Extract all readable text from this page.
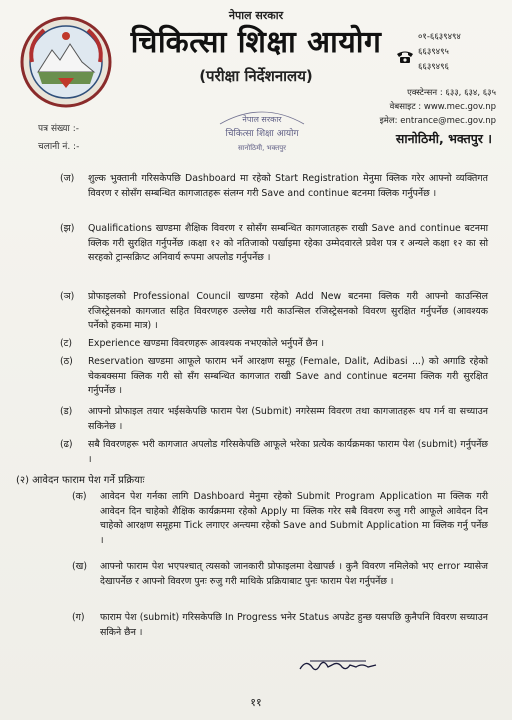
नेपाल सरकार
चिकित्सा शिक्षा आयोग
(परीक्षा निर्देशनालय)
०१-६६३९४९४
६६३९४९५
६६३९४९६
एक्स्टेन्सन : ६३३, ६३४, ६३५
वेबसाइट : www.mec.gov.np
इमेल: entrance@mec.gov.np
पत्र संख्या :-
चलानी नं. :-
नेपाल सरकार
चिकित्सा शिक्षा आयोग
सानोठिमी, भक्तपुर
सानोठिमी, भक्तपुर ।
(ज)	शुल्क भुक्तानी गरिसकेपछि Dashboard मा रहेको Start Registration मेनुमा क्लिक गरेर आफ्नो व्यक्तिगत विवरण र सोसँग सम्बन्धित कागजातहरू संलग्न गरी Save and continue बटनमा क्लिक गर्नुपर्नेछ ।
(झ)	Qualifications खण्डमा शैक्षिक विवरण र सोसँग सम्बन्धित कागजातहरू राखी Save and continue बटनमा क्लिक गरी सुरक्षित गर्नुपर्नेछ ।कक्षा १२ को नतिजाको पर्खाइमा रहेका उम्मेदवारले प्रवेश पत्र र अन्यले कक्षा १२ का सो सरहको ट्रान्सक्रिप्ट अनिवार्य रूपमा अपलोड गर्नुपर्नेछ ।
(ञ)	प्रोफाइलको Professional Council खण्डमा रहेको Add New बटनमा क्लिक गरी आफ्नो काउन्सिल रजिस्ट्रेसनको कागजात सहित विवरणहरु उल्लेख गरी काउन्सिल रजिस्ट्रेसनको विवरण सुरक्षित गर्नुपर्नेछ (आवश्यक पर्नेको हकमा मात्र) ।
(ट)	Experience खण्डमा विवरणहरू आवश्यक नभएकोले भर्नुपर्ने छैन ।
(ठ)	Reservation खण्डमा आफूले फाराम भर्ने आरक्षण समूह (Female, Dalit, Adibasi ...) को अगाडि रहेको चेकबक्समा क्लिक गरी सो सँग सम्बन्धित कागजात राखी Save and continue बटनमा क्लिक गरी सुरक्षित गर्नुपर्नेछ ।
(ड)	आफ्नो प्रोफाइल तयार भईसकेपछि फाराम पेश (Submit) नगरेसम्म विवरण तथा कागजातहरू थप गर्न वा सच्याउन सकिनेछ ।
(ढ)	सबै विवरणहरू भरी कागजात अपलोड गरिसकेपछि आफूले भरेका प्रत्येक कार्यक्रमका फाराम पेश (submit) गर्नुपर्नेछ ।
(२) आवेदन फाराम पेश गर्ने प्रक्रियाः
(क)	आवेदन पेश गर्नका लागि Dashboard मेनुमा रहेको Submit Program Application मा क्लिक गरी आवेदन दिन चाहेको शैक्षिक कार्यक्रममा रहेको Apply मा क्लिक गरेर सबै विवरण रुजु गरी आफूले आवेदन दिन चाहेको आरक्षण समूहमा Tick लगाएर अन्त्यमा रहेको Save and Submit Application मा क्लिक गर्नु पर्नेछ ।
(ख)	आफ्नो फाराम पेश भएपश्चात् त्यसको जानकारी प्रोफाइलमा देखापर्छ । कुनै विवरण नमिलेको भए error म्यासेज देखापर्नेछ र आफ्नो विवरण पुनः रुजु गरी माथिके प्रक्रियाबाट पुनः फाराम पेश गर्नुपर्नेछ ।
(ग)	फाराम पेश (submit) गरिसकेपछि In Progress भनेर Status अपडेट हुन्छ यसपछि कुनैपनि विवरण सच्याउन सकिने छैन ।
११
